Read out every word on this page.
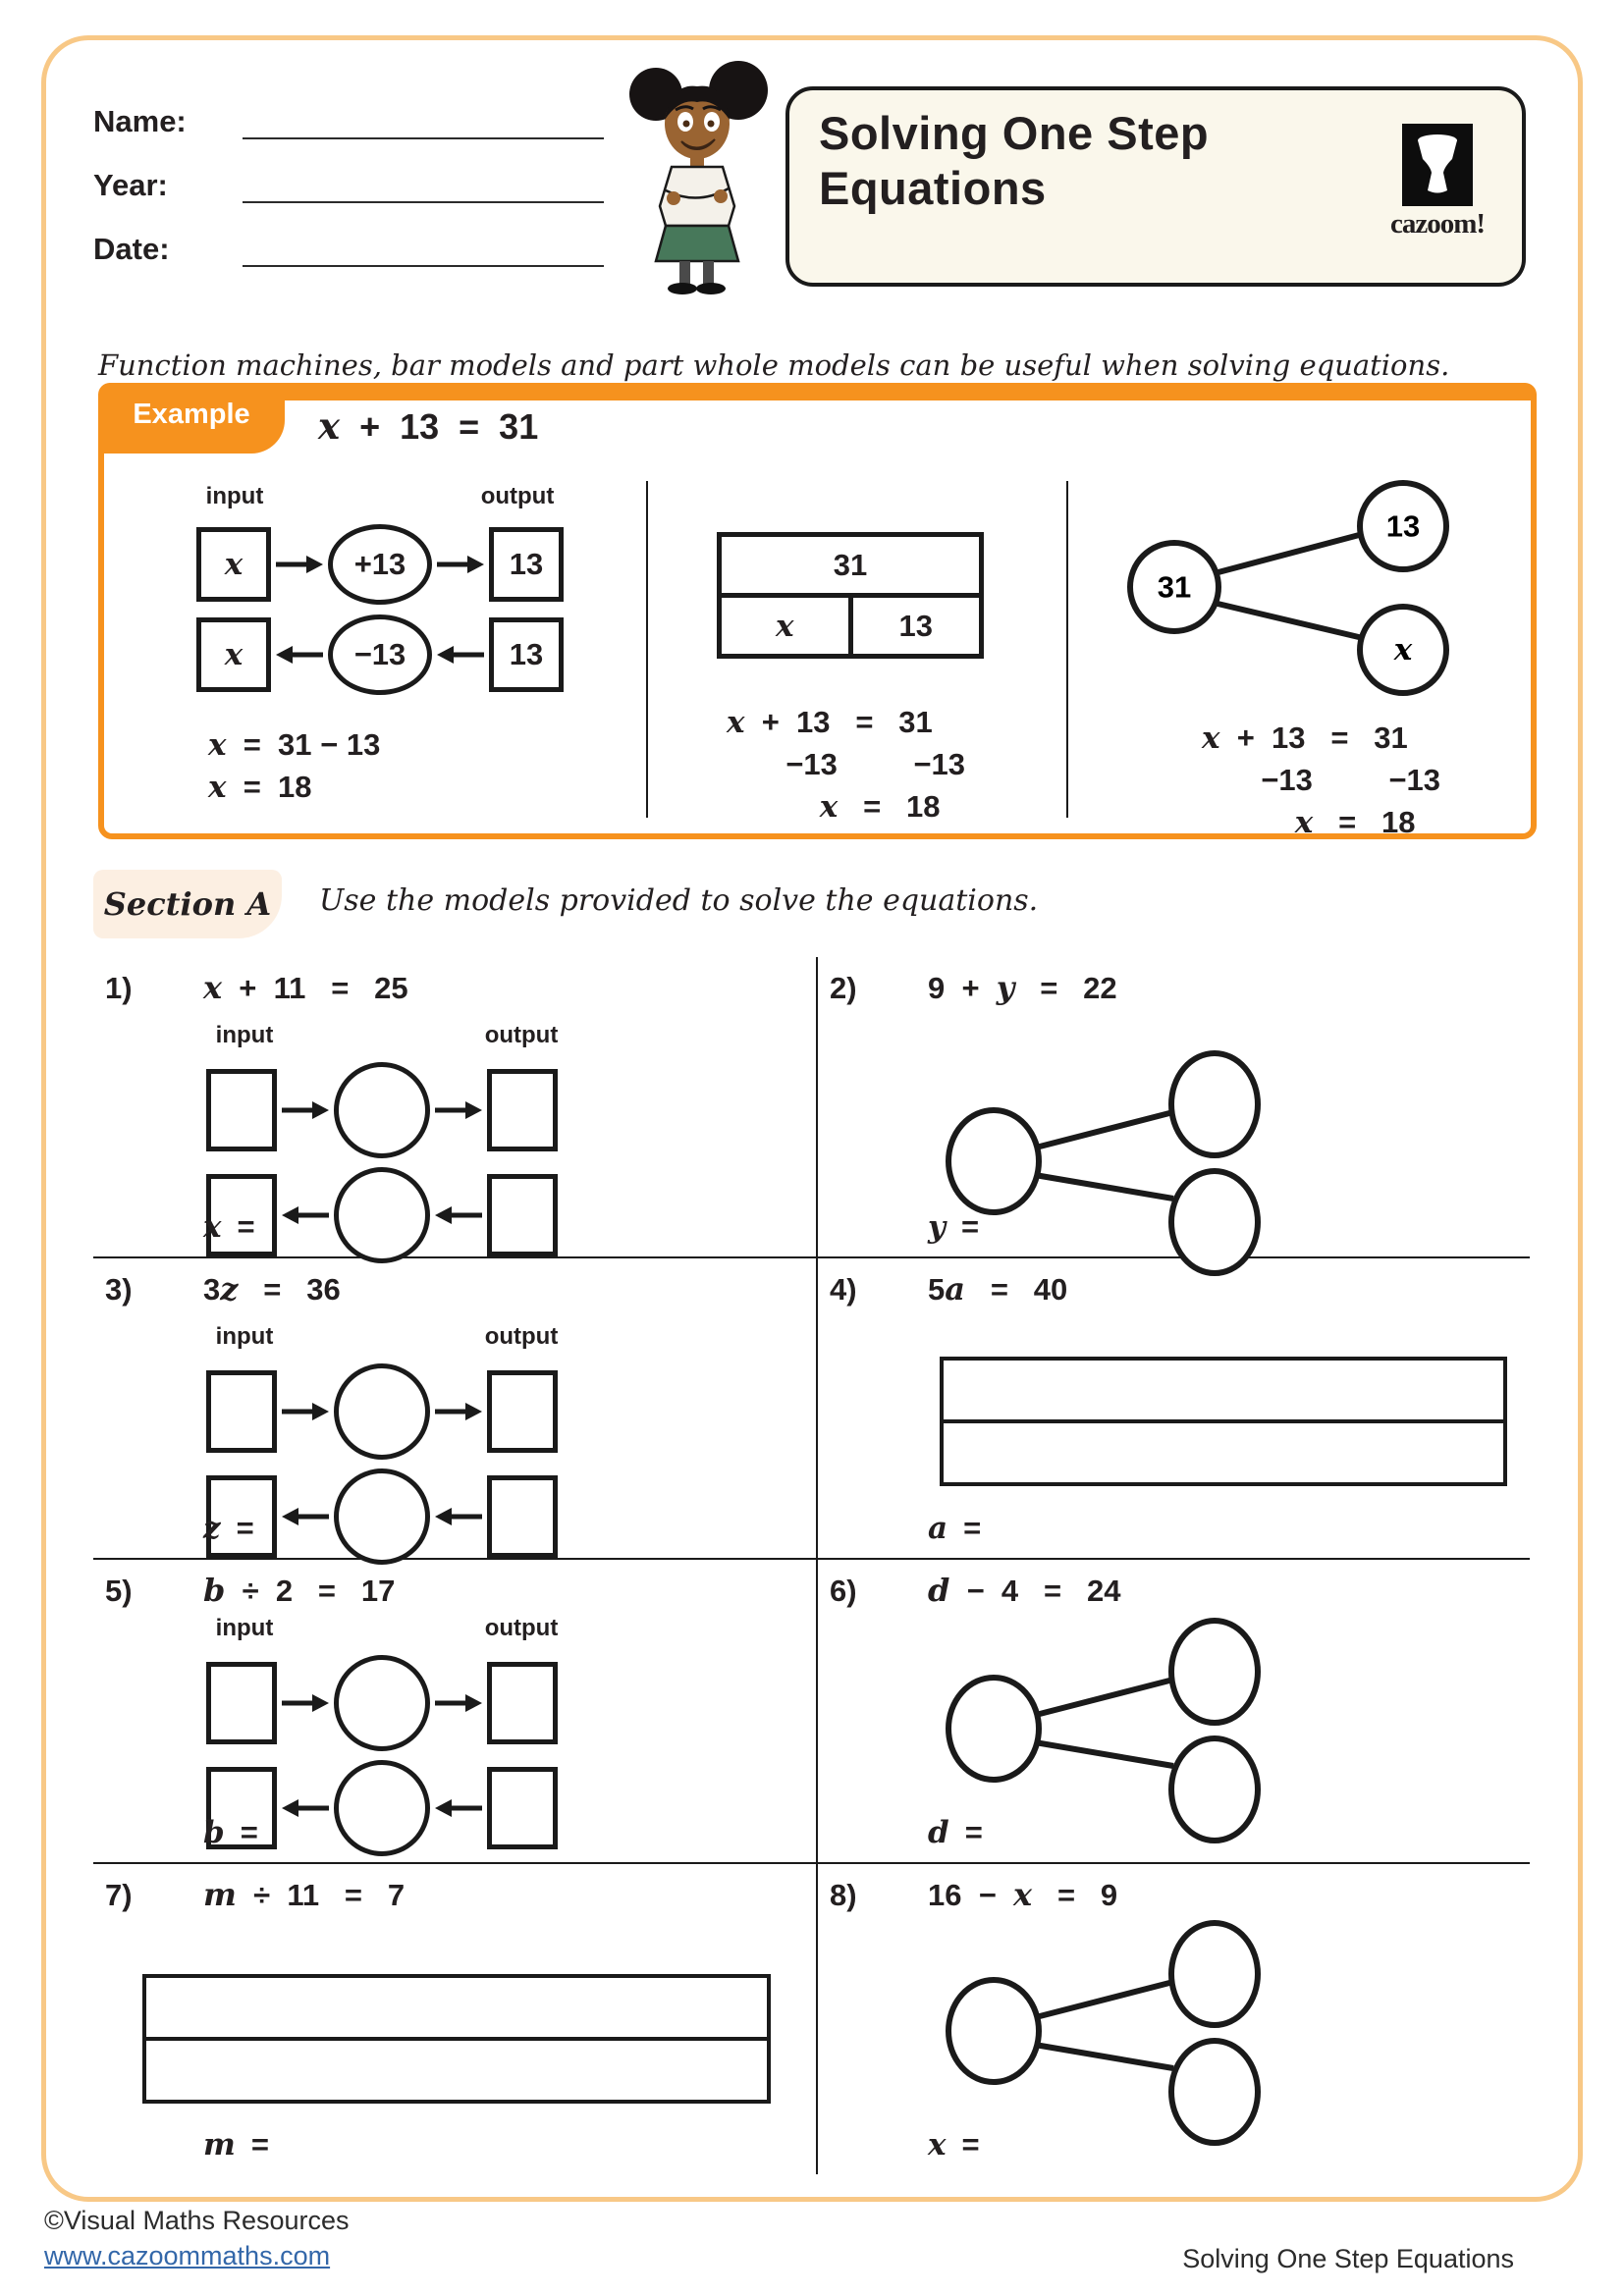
Name:
Year:
Date:
Solving One Step Equations
cazoom!

Function machines, bar models and part whole models can be useful when solving equations.

Example	x  +  13  =  31
input	output
x	+13	13
x	−13	13
x  =  31 − 13
x  =  18
31
x	13
x  +  13   =   31
−13         −13
x   =   18
31
13
x
x  +  13   =   31
−13         −13
x   =   18
Section A	Use the models provided to solve the equations.
1)	x  +  11   =   25
input	output
x =
2)	9  +  y   =   22
y =
3)	3z   =   36
input	output
z =
4)	5a   =   40
a =
5)	b  ÷  2   =   17
input	output
b =
6)	d  −  4   =   24
d =
7)	m  ÷  11   =   7
m =
8)	16  −  x   =   9
x =
©Visual Maths Resources
www.cazoommaths.com	Solving One Step Equations
